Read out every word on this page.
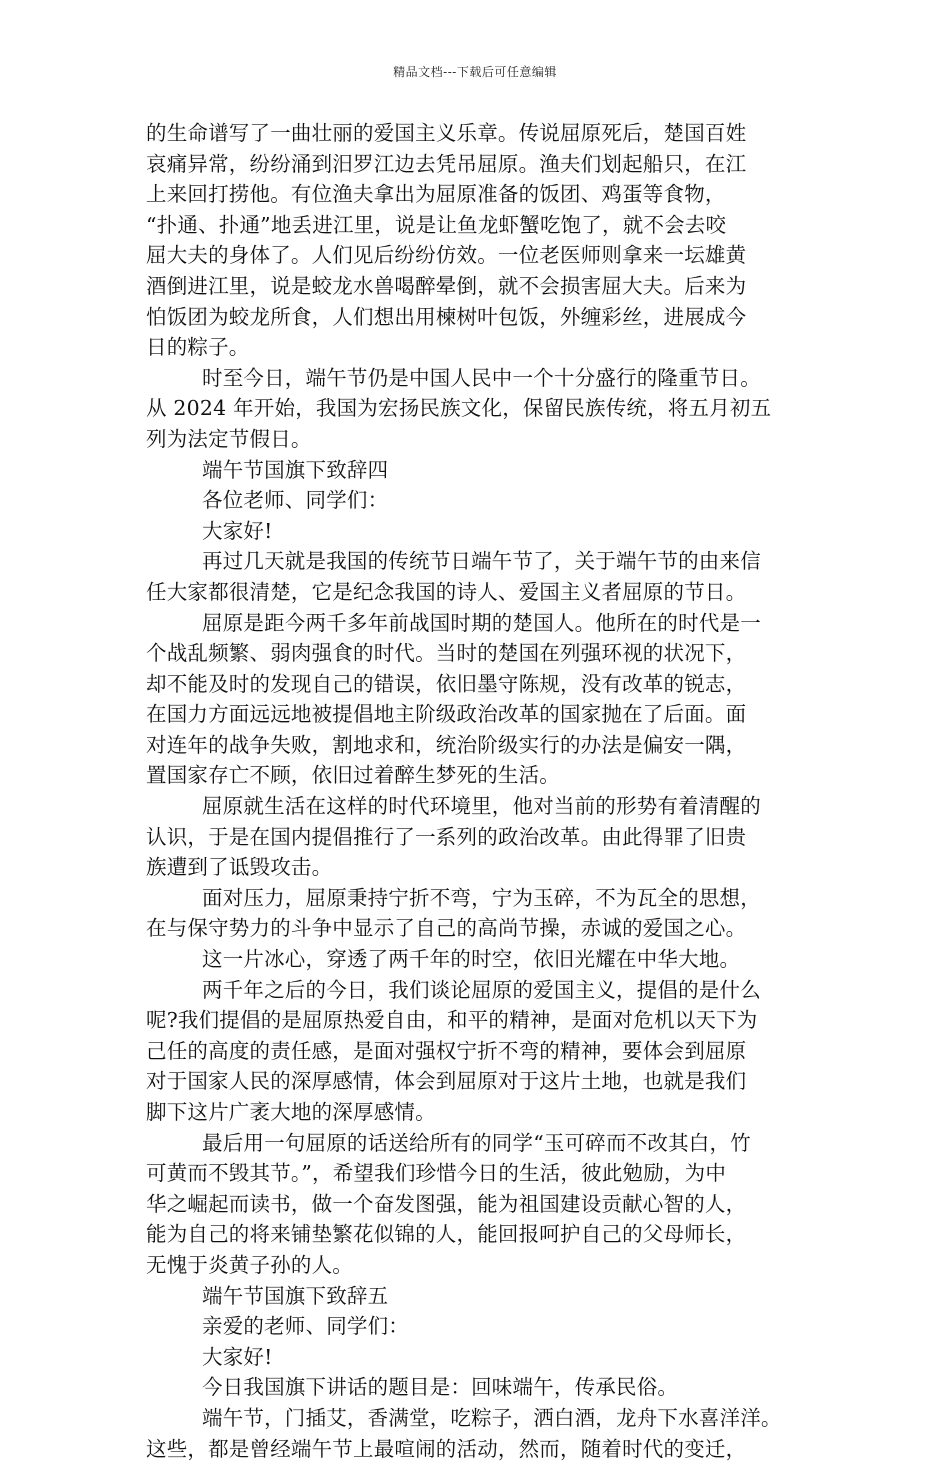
精品文档---下载后可任意编辑
的生命谱写了一曲壮丽的爱国主义乐章。传说屈原死后，楚国百姓
哀痛异常，纷纷涌到汨罗江边去凭吊屈原。渔夫们划起船只，在江
上来回打捞他。有位渔夫拿出为屈原准备的饭团、鸡蛋等食物，
“扑通、扑通”地丢进江里，说是让鱼龙虾蟹吃饱了，就不会去咬
屈大夫的身体了。人们见后纷纷仿效。一位老医师则拿来一坛雄黄
酒倒进江里，说是蛟龙水兽喝醉晕倒，就不会损害屈大夫。后来为
怕饭团为蛟龙所食，人们想出用楝树叶包饭，外缠彩丝，进展成今
日的粽子。
时至今日，端午节仍是中国人民中一个十分盛行的隆重节日。
从 2024 年开始，我国为宏扬民族文化，保留民族传统，将五月初五
列为法定节假日。
端午节国旗下致辞四
各位老师、同学们：
大家好!
再过几天就是我国的传统节日端午节了，关于端午节的由来信
任大家都很清楚，它是纪念我国的诗人、爱国主义者屈原的节日。
屈原是距今两千多年前战国时期的楚国人。他所在的时代是一
个战乱频繁、弱肉强食的时代。当时的楚国在列强环视的状况下，
却不能及时的发现自己的错误，依旧墨守陈规，没有改革的锐志，
在国力方面远远地被提倡地主阶级政治改革的国家抛在了后面。面
对连年的战争失败，割地求和，统治阶级实行的办法是偏安一隅，
置国家存亡不顾，依旧过着醉生梦死的生活。
屈原就生活在这样的时代环境里，他对当前的形势有着清醒的
认识，于是在国内提倡推行了一系列的政治改革。由此得罪了旧贵
族遭到了诋毁攻击。
面对压力，屈原秉持宁折不弯，宁为玉碎，不为瓦全的思想，
在与保守势力的斗争中显示了自己的高尚节操，赤诚的爱国之心。
这一片冰心，穿透了两千年的时空，依旧光耀在中华大地。
两千年之后的今日，我们谈论屈原的爱国主义，提倡的是什么
呢?我们提倡的是屈原热爱自由，和平的精神，是面对危机以天下为
己任的高度的责任感，是面对强权宁折不弯的精神，要体会到屈原
对于国家人民的深厚感情，体会到屈原对于这片土地，也就是我们
脚下这片广袤大地的深厚感情。
最后用一句屈原的话送给所有的同学“玉可碎而不改其白，竹
可黄而不毁其节。”，希望我们珍惜今日的生活，彼此勉励，为中
华之崛起而读书，做一个奋发图强，能为祖国建设贡献心智的人，
能为自己的将来铺垫繁花似锦的人，能回报呵护自己的父母师长，
无愧于炎黄子孙的人。
端午节国旗下致辞五
亲爱的老师、同学们：
大家好!
今日我国旗下讲话的题目是：回味端午，传承民俗。
端午节，门插艾，香满堂，吃粽子，洒白酒，龙舟下水喜洋洋。
这些，都是曾经端午节上最喧闹的活动，然而，随着时代的变迁，
